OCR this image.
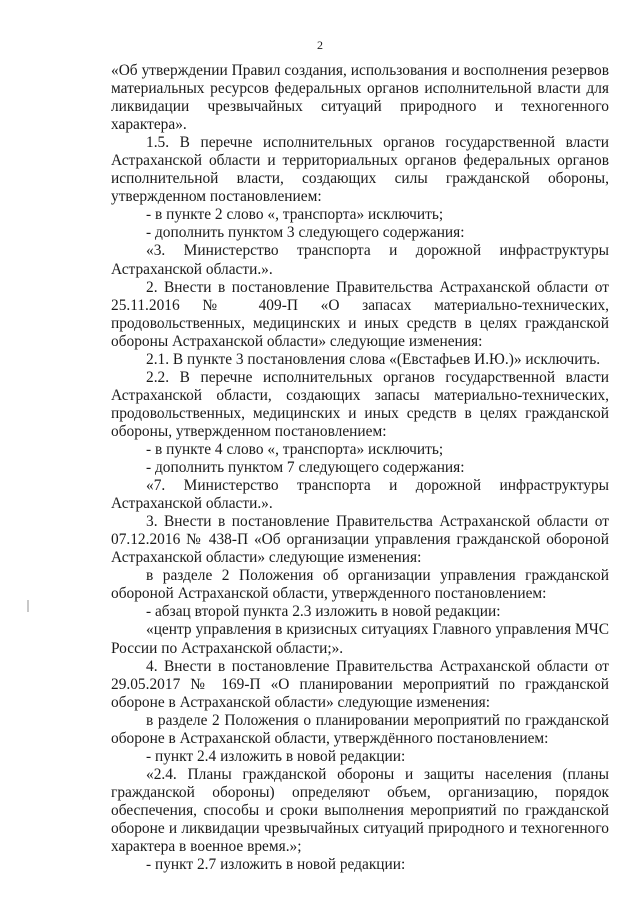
2

«Об утверждении Правил создания, использования и восполнения резервов материальных ресурсов федеральных органов исполнительной власти для ликвидации чрезвычайных ситуаций природного и техногенного характера».

1.5. В перечне исполнительных органов государственной власти Астраханской области и территориальных органов федеральных органов исполнительной власти, создающих силы гражданской обороны, утвержденном постановлением:

- в пункте 2 слово «, транспорта» исключить;

- дополнить пунктом 3 следующего содержания:

«3. Министерство транспорта и дорожной инфраструктуры Астраханской области.».

2. Внести в постановление Правительства Астраханской области от 25.11.2016 № 409-П «О запасах материально-технических, продовольственных, медицинских и иных средств в целях гражданской обороны Астраханской области» следующие изменения:

2.1. В пункте 3 постановления слова «(Евстафьев И.Ю.)» исключить.

2.2. В перечне исполнительных органов государственной власти Астраханской области, создающих запасы материально-технических, продовольственных, медицинских и иных средств в целях гражданской обороны, утвержденном постановлением:

- в пункте 4 слово «, транспорта» исключить;

- дополнить пунктом 7 следующего содержания:

«7. Министерство транспорта и дорожной инфраструктуры Астраханской области.».

3. Внести в постановление Правительства Астраханской области от 07.12.2016 № 438-П «Об организации управления гражданской обороной Астраханской области» следующие изменения:

в разделе 2 Положения об организации управления гражданской обороной Астраханской области, утвержденного постановлением:

- абзац второй пункта 2.3 изложить в новой редакции:

«центр управления в кризисных ситуациях Главного управления МЧС России по Астраханской области;».

4. Внести в постановление Правительства Астраханской области от 29.05.2017 № 169-П «О планировании мероприятий по гражданской обороне в Астраханской области» следующие изменения:

в разделе 2 Положения о планировании мероприятий по гражданской обороне в Астраханской области, утверждённого постановлением:

- пункт 2.4 изложить в новой редакции:

«2.4. Планы гражданской обороны и защиты населения (планы гражданской обороны) определяют объем, организацию, порядок обеспечения, способы и сроки выполнения мероприятий по гражданской обороне и ликвидации чрезвычайных ситуаций природного и техногенного характера в военное время.»;

- пункт 2.7 изложить в новой редакции:
